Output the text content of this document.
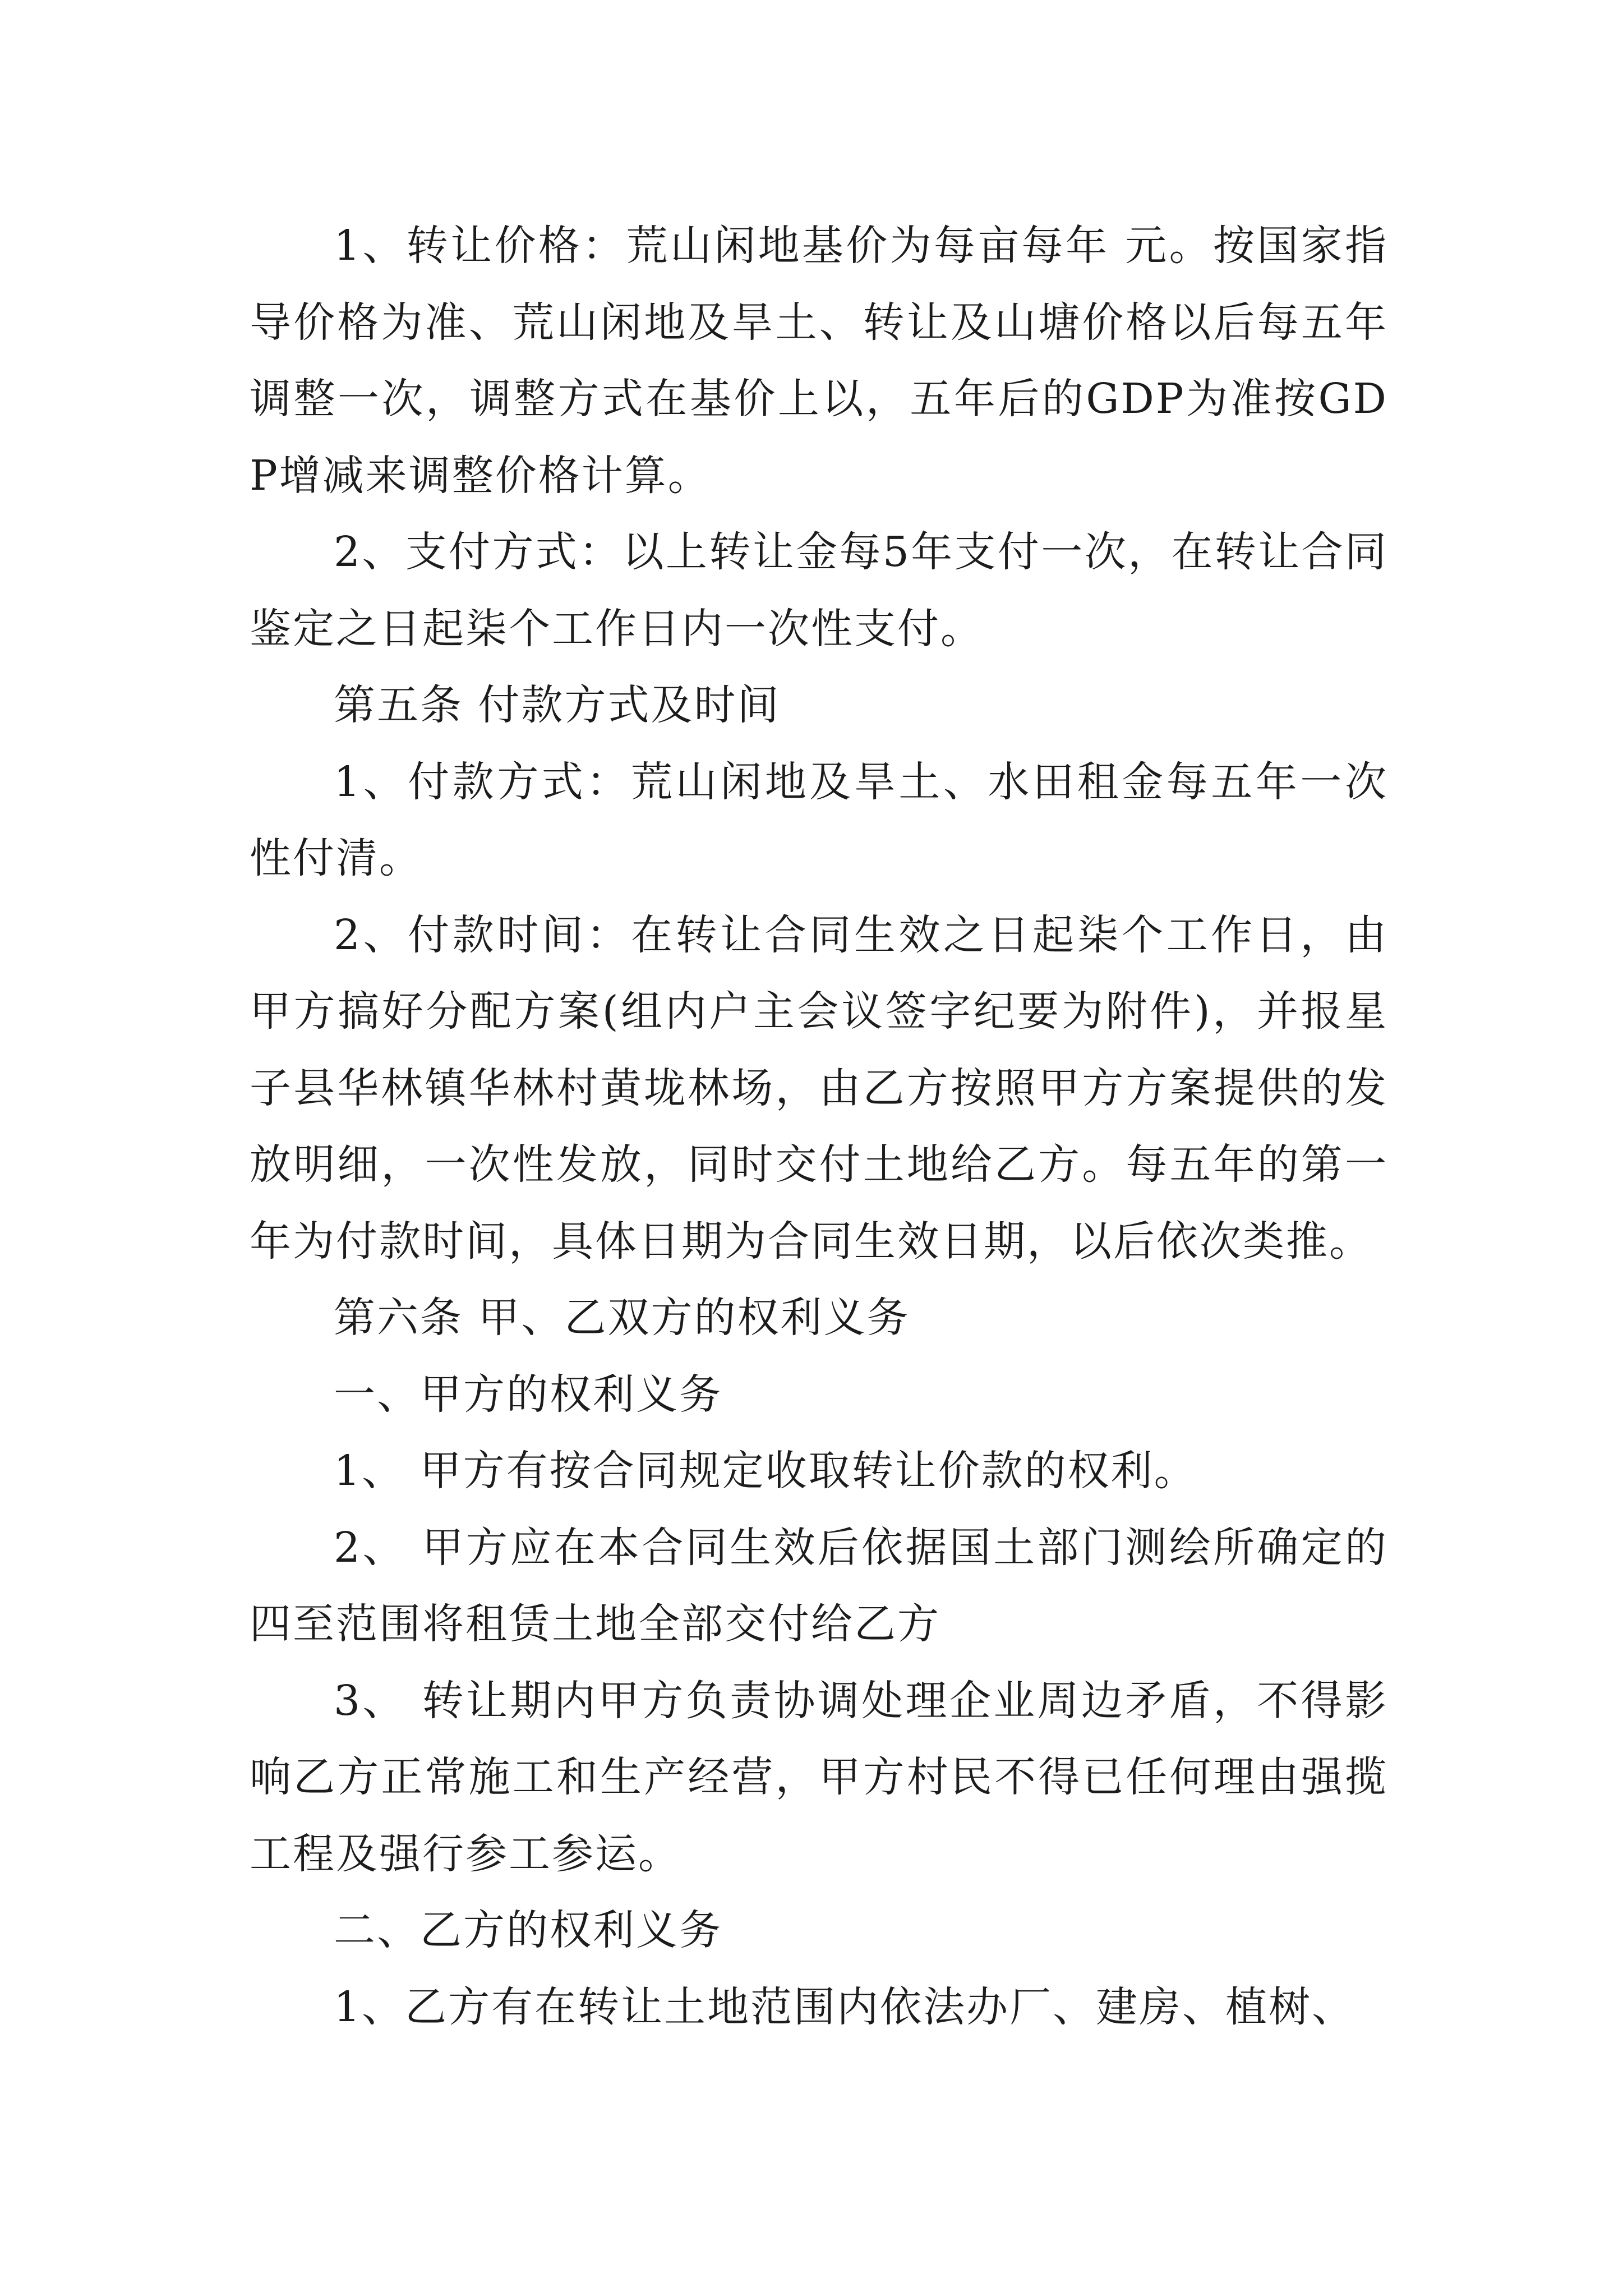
1、转让价格：荒山闲地基价为每亩每年 元。按国家指导价格为准、荒山闲地及旱土、转让及山塘价格以后每五年调整一次，调整方式在基价上以，五年后的GDP为准按GDP增减来调整价格计算。

2、支付方式：以上转让金每5年支付一次，在转让合同鉴定之日起柒个工作日内一次性支付。

第五条 付款方式及时间

1、付款方式：荒山闲地及旱土、水田租金每五年一次性付清。

2、付款时间：在转让合同生效之日起柒个工作日，由甲方搞好分配方案(组内户主会议签字纪要为附件)，并报星子县华林镇华林村黄垅林场，由乙方按照甲方方案提供的发放明细，一次性发放，同时交付土地给乙方。每五年的第一年为付款时间，具体日期为合同生效日期，以后依次类推。

第六条 甲、乙双方的权利义务

一、甲方的权利义务

1、 甲方有按合同规定收取转让价款的权利。

2、 甲方应在本合同生效后依据国土部门测绘所确定的四至范围将租赁土地全部交付给乙方

3、 转让期内甲方负责协调处理企业周边矛盾，不得影响乙方正常施工和生产经营，甲方村民不得已任何理由强揽工程及强行参工参运。

二、乙方的权利义务

1、乙方有在转让土地范围内依法办厂、建房、植树、
